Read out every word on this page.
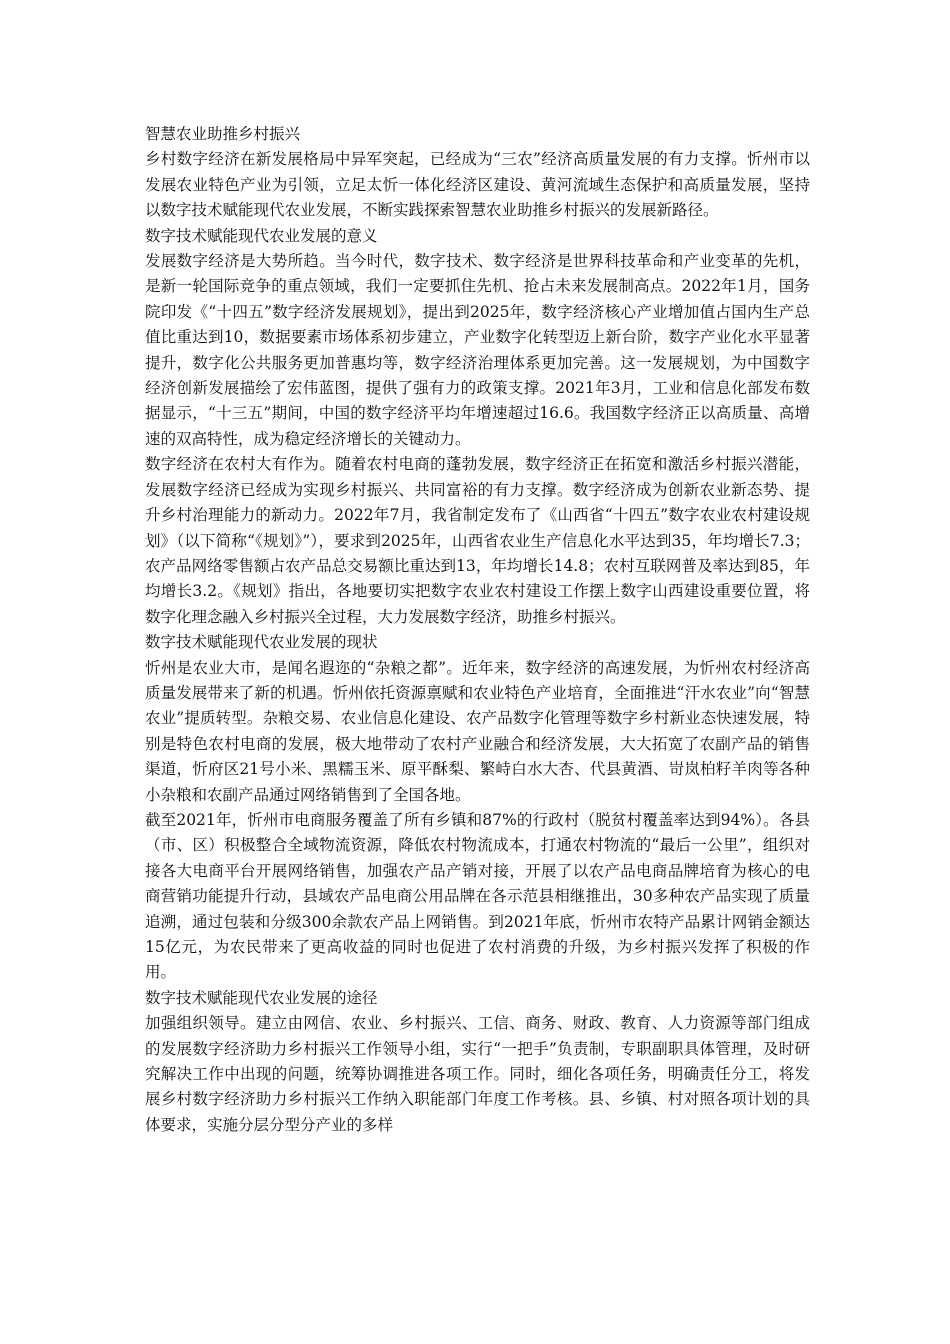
智慧农业助推乡村振兴

乡村数字经济在新发展格局中异军突起，已经成为“三农”经济高质量发展的有力支撑。忻州市以发展农业特色产业为引领，立足太忻一体化经济区建设、黄河流域生态保护和高质量发展，坚持以数字技术赋能现代农业发展，不断实践探索智慧农业助推乡村振兴的发展新路径。

数字技术赋能现代农业发展的意义

发展数字经济是大势所趋。当今时代，数字技术、数字经济是世界科技革命和产业变革的先机，是新一轮国际竞争的重点领域，我们一定要抓住先机、抢占未来发展制高点。2022年1月，国务院印发《“十四五”数字经济发展规划》，提出到2025年，数字经济核心产业增加值占国内生产总值比重达到10，数据要素市场体系初步建立，产业数字化转型迈上新台阶，数字产业化水平显著提升，数字化公共服务更加普惠均等，数字经济治理体系更加完善。这一发展规划，为中国数字经济创新发展描绘了宏伟蓝图，提供了强有力的政策支撑。2021年3月，工业和信息化部发布数据显示，“十三五”期间，中国的数字经济平均年增速超过16.6。我国数字经济正以高质量、高增速的双高特性，成为稳定经济增长的关键动力。

数字经济在农村大有作为。随着农村电商的蓬勃发展，数字经济正在拓宽和激活乡村振兴潜能，发展数字经济已经成为实现乡村振兴、共同富裕的有力支撑。数字经济成为创新农业新态势、提升乡村治理能力的新动力。2022年7月，我省制定发布了《山西省“十四五”数字农业农村建设规划》（以下简称“《规划》”），要求到2025年，山西省农业生产信息化水平达到35，年均增长7.3；农产品网络零售额占农产品总交易额比重达到13，年均增长14.8；农村互联网普及率达到85，年均增长3.2。《规划》指出，各地要切实把数字农业农村建设工作摆上数字山西建设重要位置，将数字化理念融入乡村振兴全过程，大力发展数字经济，助推乡村振兴。

数字技术赋能现代农业发展的现状

忻州是农业大市，是闻名遐迩的“杂粮之都”。近年来，数字经济的高速发展，为忻州农村经济高质量发展带来了新的机遇。忻州依托资源禀赋和农业特色产业培育，全面推进“汗水农业”向“智慧农业”提质转型。杂粮交易、农业信息化建设、农产品数字化管理等数字乡村新业态快速发展，特别是特色农村电商的发展，极大地带动了农村产业融合和经济发展，大大拓宽了农副产品的销售渠道，忻府区21号小米、黑糯玉米、原平酥梨、繁峙白水大杏、代县黄酒、岢岚柏籽羊肉等各种小杂粮和农副产品通过网络销售到了全国各地。

截至2021年，忻州市电商服务覆盖了所有乡镇和87%的行政村（脱贫村覆盖率达到94%）。各县（市、区）积极整合全域物流资源，降低农村物流成本，打通农村物流的“最后一公里”，组织对接各大电商平台开展网络销售，加强农产品产销对接，开展了以农产品电商品牌培育为核心的电商营销功能提升行动，县域农产品电商公用品牌在各示范县相继推出，30多种农产品实现了质量追溯，通过包装和分级300余款农产品上网销售。到2021年底，忻州市农特产品累计网销金额达15亿元，为农民带来了更高收益的同时也促进了农村消费的升级，为乡村振兴发挥了积极的作用。

数字技术赋能现代农业发展的途径

加强组织领导。建立由网信、农业、乡村振兴、工信、商务、财政、教育、人力资源等部门组成的发展数字经济助力乡村振兴工作领导小组，实行“一把手”负责制，专职副职具体管理，及时研究解决工作中出现的问题，统筹协调推进各项工作。同时，细化各项任务，明确责任分工，将发展乡村数字经济助力乡村振兴工作纳入职能部门年度工作考核。县、乡镇、村对照各项计划的具体要求，实施分层分型分产业的多样
